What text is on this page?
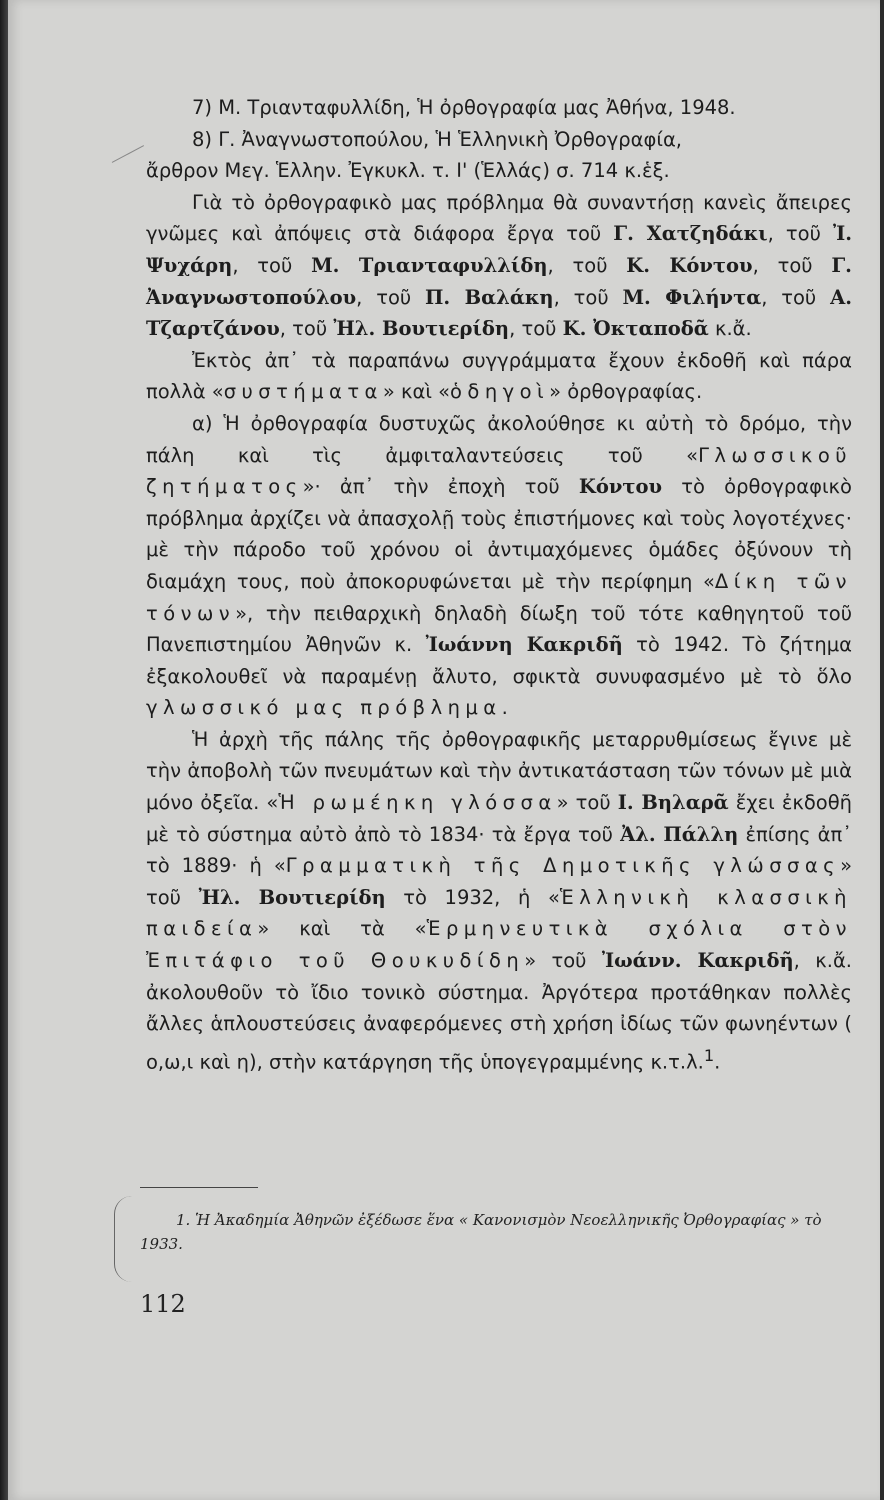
7) Μ. Τριανταφυλλίδη, Ἡ ὀρθογραφία μας Ἀθήνα, 1948.

8) Γ. Ἀναγνωστοπούλου, Ἡ Ἑλληνικὴ Ὀρθογραφία,

ἄρθρον Μεγ. Ἑλλην. Ἐγκυκλ. τ. Ι' (Ἑλλάς) σ. 714 κ.ἑξ.

Γιὰ τὸ ὀρθογραφικὸ μας πρόβλημα θὰ συναντήσῃ κανεὶς ἄπειρες γνῶμες καὶ ἀπόψεις στὰ διάφορα ἔργα τοῦ Γ. Χατζηδάκι, τοῦ Ἰ. Ψυχάρη, τοῦ Μ. Τριανταφυλλίδη, τοῦ Κ. Κόντου, τοῦ Γ. Ἀναγνωστοπούλου, τοῦ Π. Βαλάκη, τοῦ Μ. Φιλήντα, τοῦ Α. Τζαρτζάνου, τοῦ Ἠλ. Βουτιερίδη, τοῦ Κ. Ὀκταποδᾶ κ.ἄ.

Ἐκτὸς ἀπ᾽ τὰ παραπάνω συγγράμματα ἔχουν ἐκδοθῆ καὶ πάρα πολλὰ «συστήματα» καὶ «ὁδηγοὶ» ὀρθογραφίας.

α) Ἡ ὀρθογραφία δυστυχῶς ἀκολούθησε κι αὐτὴ τὸ δρόμο, τὴν πάλη καὶ τὶς ἀμφιταλαντεύσεις τοῦ «Γλωσσικοῦ ζητήματος»· ἀπ᾽ τὴν ἐποχὴ τοῦ Κόντου τὸ ὀρθογραφικὸ πρόβλημα ἀρχίζει νὰ ἀπασχολῇ τοὺς ἐπιστήμονες καὶ τοὺς λογοτέχνες· μὲ τὴν πάροδο τοῦ χρόνου οἱ ἀντιμαχόμενες ὁμάδες ὀξύνουν τὴ διαμάχη τους, ποὺ ἀποκορυφώνεται μὲ τὴν περίφημη «Δίκη τῶν τόνων», τὴν πειθαρχικὴ δηλαδὴ δίωξη τοῦ τότε καθηγητοῦ τοῦ Πανεπιστημίου Ἀθηνῶν κ. Ἰωάννη Κακριδῆ τὸ 1942. Τὸ ζήτημα ἐξακολουθεῖ νὰ παραμένῃ ἄλυτο, σφικτὰ συνυφασμένο μὲ τὸ ὅλο γλωσσικό μας πρόβλημα.

Ἡ ἀρχὴ τῆς πάλης τῆς ὀρθογραφικῆς μεταρρυθμίσεως ἔγινε μὲ τὴν ἀποβολὴ τῶν πνευμάτων καὶ τὴν ἀντικατάσταση τῶν τόνων μὲ μιὰ μόνο ὀξεῖα. «Ἡ ρωμέηκη γλόσσα» τοῦ Ι. Βηλαρᾶ ἔχει ἐκδοθῆ μὲ τὸ σύστημα αὐτὸ ἀπὸ τὸ 1834· τὰ ἔργα τοῦ Ἀλ. Πάλλη ἐπίσης ἀπ᾽ τὸ 1889· ἡ «Γραμματικὴ τῆς Δημοτικῆς γλώσσας» τοῦ Ἠλ. Βουτιερίδη τὸ 1932, ἡ «Ἑλληνικὴ κλασσικὴ παιδεία» καὶ τὰ «Ἑρμηνευτικὰ σχόλια στὸν Ἐπιτάφιο τοῦ Θουκυδίδη» τοῦ Ἰωάνν. Κακριδῆ, κ.ἄ. ἀκολουθοῦν τὸ ἴδιο τονικὸ σύστημα. Ἀργότερα προτάθηκαν πολλὲς ἄλλες ἁπλουστεύσεις ἀναφερόμενες στὴ χρήση ἰδίως τῶν φωνηέντων ( ο,ω,ι καὶ η), στὴν κατάργηση τῆς ὑπογεγραμμένης κ.τ.λ.$^1$.

1. Ἡ Ἀκαδημία Ἀθηνῶν ἐξέδωσε ἕνα « Κανονισμὸν Νεοελληνικῆς Ὀρθογραφίας » τὸ 1933.
112
